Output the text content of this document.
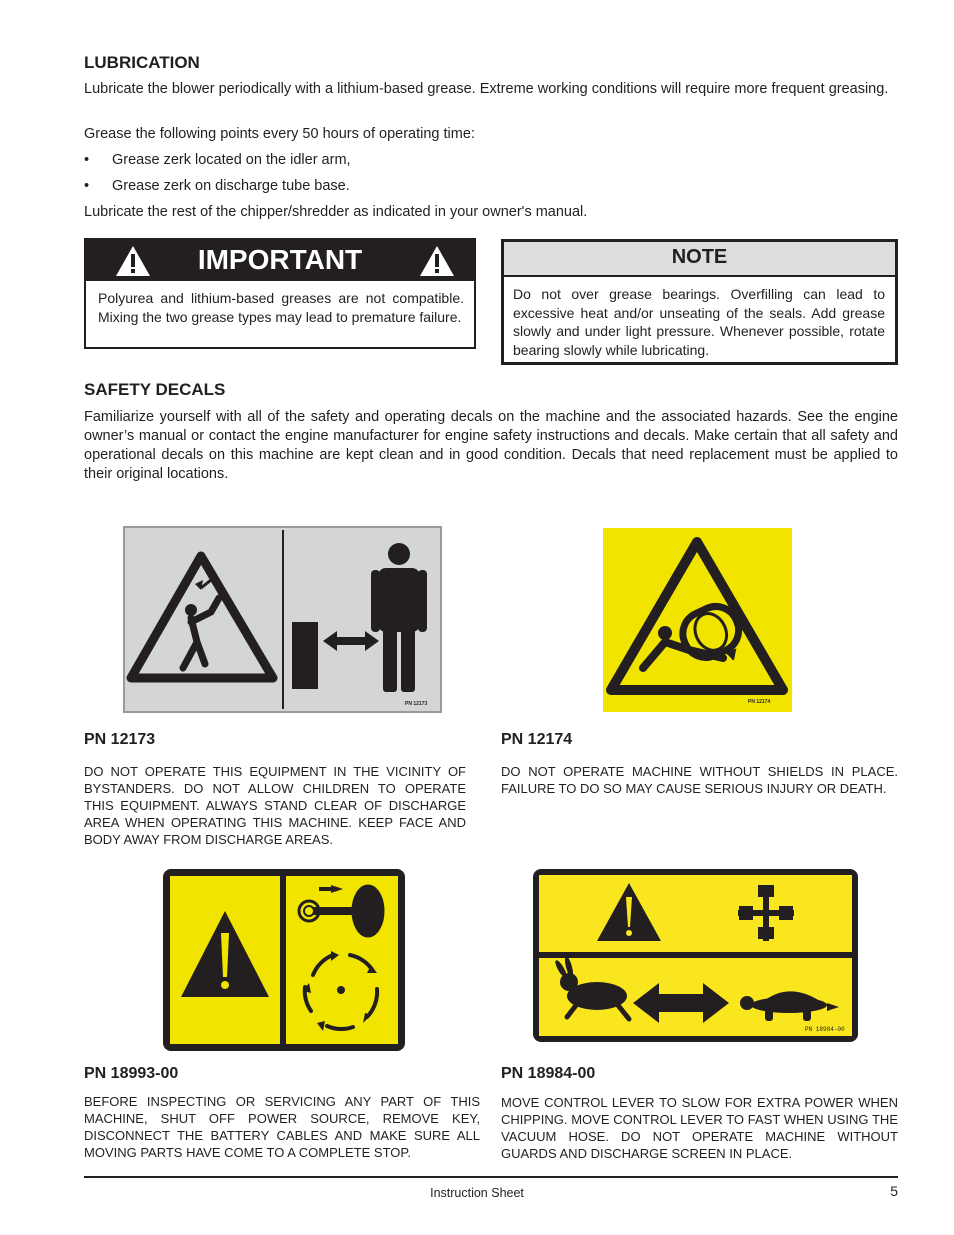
LUBRICATION

Lubricate the blower periodically with a lithium-based grease. Extreme working conditions will require more frequent greasing.

Grease the following points every 50 hours of operating time:

• Grease zerk located on the idler arm,
• Grease zerk on discharge tube base.

Lubricate the rest of the chipper/shredder as indicated in your owner's manual.

IMPORTANT

Polyurea and lithium-based greases are not compatible. Mixing the two grease types may lead to premature failure.

NOTE

Do not over grease bearings. Overfilling can lead to excessive heat and/or unseating of the seals. Add grease slowly and under light pressure. Whenever possible, rotate bearing slowly while lubricating.

SAFETY DECALS

Familiarize yourself with all of the safety and operating decals on the machine and the associated hazards. See the engine owner’s manual or contact the engine manufacturer for engine safety instructions and decals. Make certain that all safety and operational decals on this machine are kept clean and in good condition. Decals that need replacement must be applied to their original locations.

PN 12173
PN 12173

DO NOT OPERATE THIS EQUIPMENT IN THE VICINITY OF BYSTANDERS. DO NOT ALLOW CHILDREN TO OPERATE THIS EQUIPMENT. ALWAYS STAND CLEAR OF DISCHARGE AREA WHEN OPERATING THIS MACHINE. KEEP FACE AND BODY AWAY FROM DISCHARGE AREAS.

PN 12174
PN 12174

DO NOT OPERATE MACHINE WITHOUT SHIELDS IN PLACE. FAILURE TO DO SO MAY CAUSE SERIOUS INJURY OR DEATH.

PN 18993-00

BEFORE INSPECTING OR SERVICING ANY PART OF THIS MACHINE, SHUT OFF POWER SOURCE, REMOVE KEY, DISCONNECT THE BATTERY CABLES AND MAKE SURE ALL MOVING PARTS HAVE COME TO A COMPLETE STOP.

PN 18984-00
PN 18984-00

MOVE CONTROL LEVER TO SLOW FOR EXTRA POWER WHEN CHIPPING. MOVE CONTROL LEVER TO FAST WHEN USING THE VACUUM HOSE. DO NOT OPERATE MACHINE WITHOUT GUARDS AND DISCHARGE SCREEN IN PLACE.

Instruction Sheet	5
